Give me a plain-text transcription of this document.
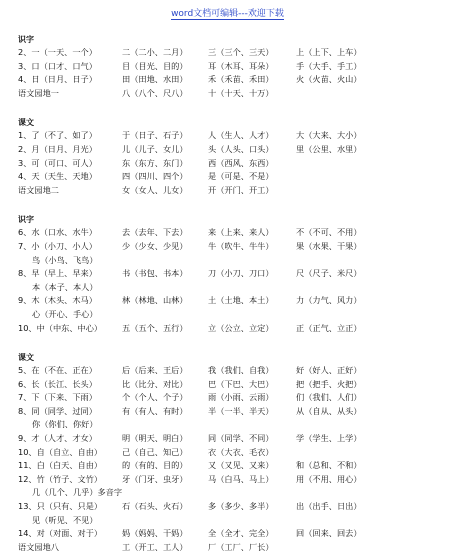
word文档可编辑---欢迎下载
识字
2、一（一天、一个）	二（二小、二月） 三（三个、三天）	上（上下、上车）
3、口（口才、口气）	目（目光、目的） 耳（木耳、耳朵）	手（大手、手工）
4、日（日月、日子）	田（田地、水田） 禾（禾苗、禾田）	火（火苗、火山）
语文园地一	八（八个、尺八） 十（十天、十万）
课文
1、了（不了、如了）	于（日子、石子） 人（生人、人才）	大（大来、大小）
2、月（日月、月光）	儿（儿子、女儿） 头（人头、口头）	里（公里、水里）
3、可（可口、可人）	东（东方、东门） 西（西风、东西）
4、天（天生、天地）	四（四川、四个） 是（可是、不是）
语文园地二	女（女人、儿女） 开（开门、开工）
识字
6、水（口水、水牛）	去（去年、下去） 来（上来、来人）	不（不可、不用）
7、小（小刀、小人）	少（少女、少见） 牛（吹牛、牛牛）	果（水果、干果）
鸟（小鸟、飞鸟）
8、早（早上、早来）	书（书包、书本） 刀（小刀、刀口）	尺（尺子、米尺）
本（本子、本人）
9、木（木头、木马）	林（林地、山林） 土（土地、本土）	力（力气、风力）
心（开心、手心）
10、中（中东、中心） 五（五个、五行） 立（公立、立定）	正（正气、立正）
课文
5、在（不在、正在）	后（后来、王后） 我（我们、自我）	好（好人、正好）
6、长（长江、长头）	比（比分、对比） 巴（下巴、大巴）	把（把手、火把）
7、下（下来、下雨）	个（个人、个子） 雨（小雨、云雨）	们（我们、人们）
8、同（同学、过同）	有（有人、有时） 半（一半、半天）	从（自从、从头）
你（你们、你好）
9、才（人才、才女）	明（明天、明白） 同（同学、不同）	学（学生、上学）
10、自（自立、自由） 己（自己、知己） 衣（大衣、毛衣）
11、白（白天、自由） 的（有的、目的） 又（又见、又来）	和（总和、不和）
12、竹（竹子、文竹） 牙（门牙、虫牙） 马（白马、马上）	用（不用、用心）
几（几个、几乎）多音字
13、只（只有、只是） 石（石头、火石） 多（多少、多半）	出（出手、日出）
见（听见、不见）
14、对（对面、对于） 妈（妈妈、干妈） 全（全才、完全）	回（回来、回去）
语文园地八	工（开工、工人） 厂（工厂、厂长）
